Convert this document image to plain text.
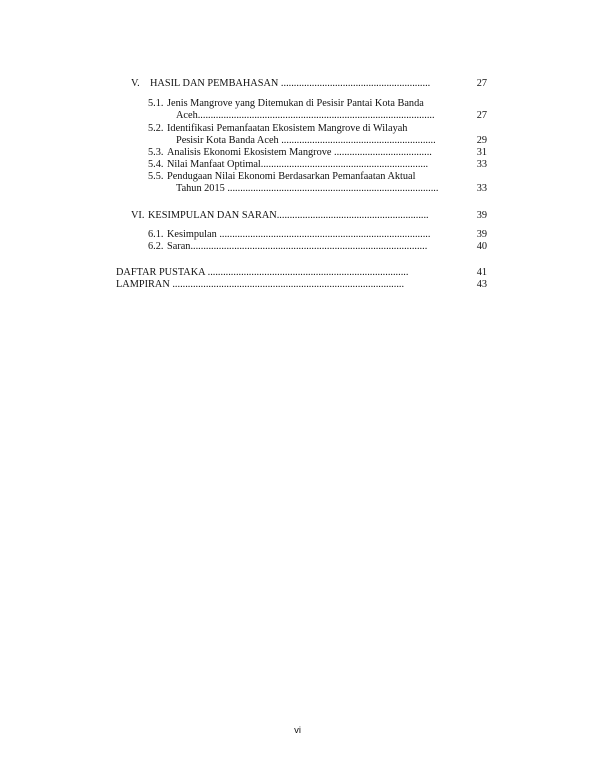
V. HASIL DAN PEMBAHASAN ..........................................................	27
5.1. Jenis Mangrove yang Ditemukan di Pesisir Pantai Kota Banda
Aceh............................................................................................	27
5.2. Identifikasi Pemanfaatan Ekosistem Mangrove di Wilayah
Pesisir Kota Banda Aceh ............................................................	29
5.3. Analisis Ekonomi Ekosistem Mangrove ......................................	31
5.4. Nilai Manfaat Optimal.................................................................	33
5.5. Pendugaan Nilai Ekonomi Berdasarkan Pemanfaatan Aktual
Tahun 2015 ..................................................................................	33
VI. KESIMPULAN DAN SARAN...........................................................	39
6.1. Kesimpulan ..................................................................................	39
6.2. Saran............................................................................................	40
DAFTAR PUSTAKA ..............................................................................	41
LAMPIRAN ..........................................................................................	43
vi
